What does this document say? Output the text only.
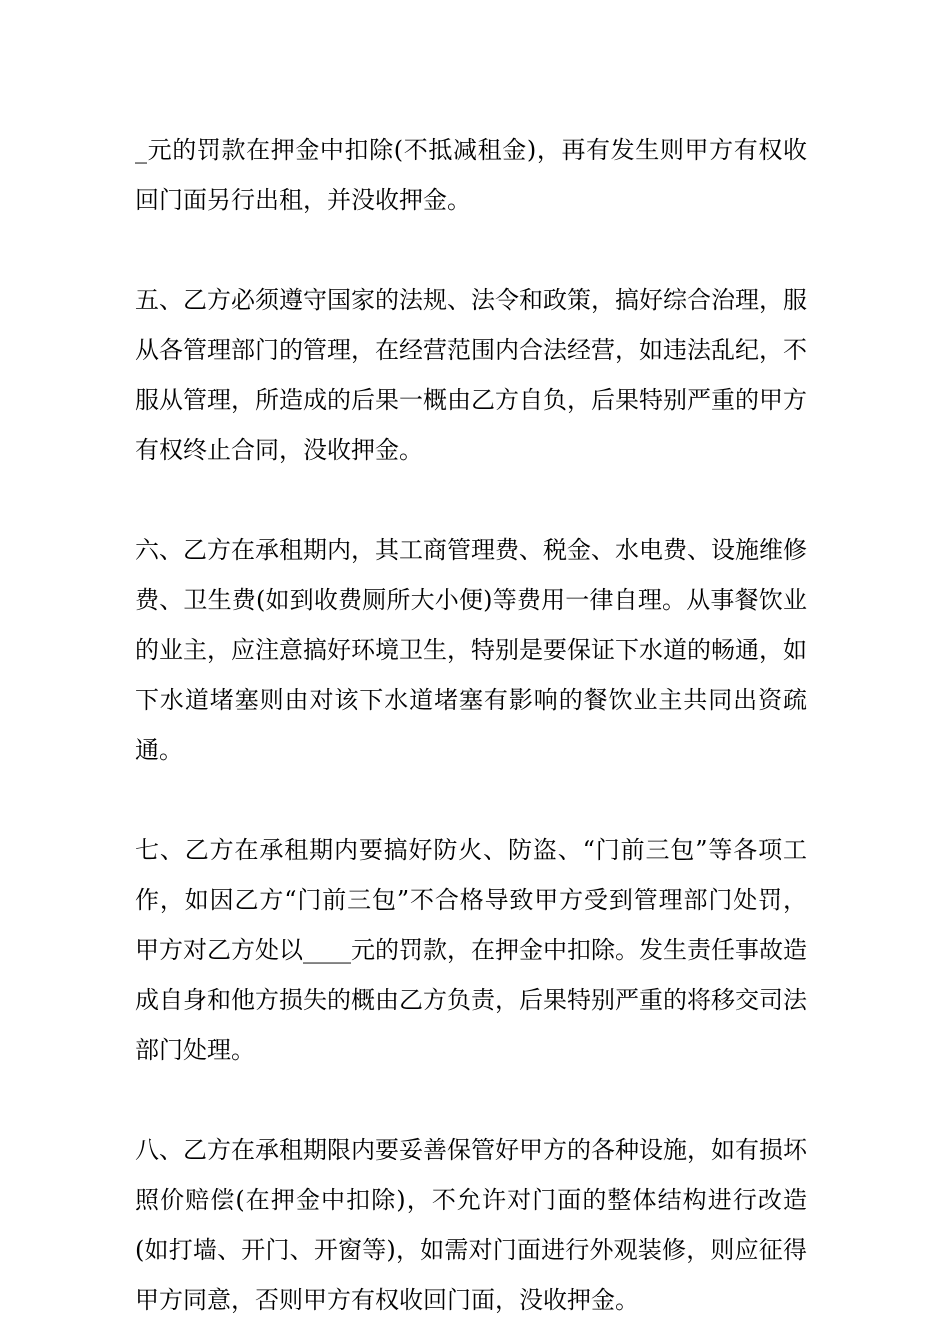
_元的罚款在押金中扣除(不抵减租金)，再有发生则甲方有权收回门面另行出租，并没收押金。

五、乙方必须遵守国家的法规、法令和政策，搞好综合治理，服从各管理部门的管理，在经营范围内合法经营，如违法乱纪，不服从管理，所造成的后果一概由乙方自负，后果特别严重的甲方有权终止合同，没收押金。

六、乙方在承租期内，其工商管理费、税金、水电费、设施维修费、卫生费(如到收费厕所大小便)等费用一律自理。从事餐饮业的业主，应注意搞好环境卫生，特别是要保证下水道的畅通，如下水道堵塞则由对该下水道堵塞有影响的餐饮业主共同出资疏通。

七、乙方在承租期内要搞好防火、防盗、“门前三包”等各项工作，如因乙方“门前三包”不合格导致甲方受到管理部门处罚，甲方对乙方处以____元的罚款，在押金中扣除。发生责任事故造成自身和他方损失的概由乙方负责，后果特别严重的将移交司法部门处理。

八、乙方在承租期限内要妥善保管好甲方的各种设施，如有损坏照价赔偿(在押金中扣除)，不允许对门面的整体结构进行改造(如打墙、开门、开窗等)，如需对门面进行外观装修，则应征得甲方同意，否则甲方有权收回门面，没收押金。
